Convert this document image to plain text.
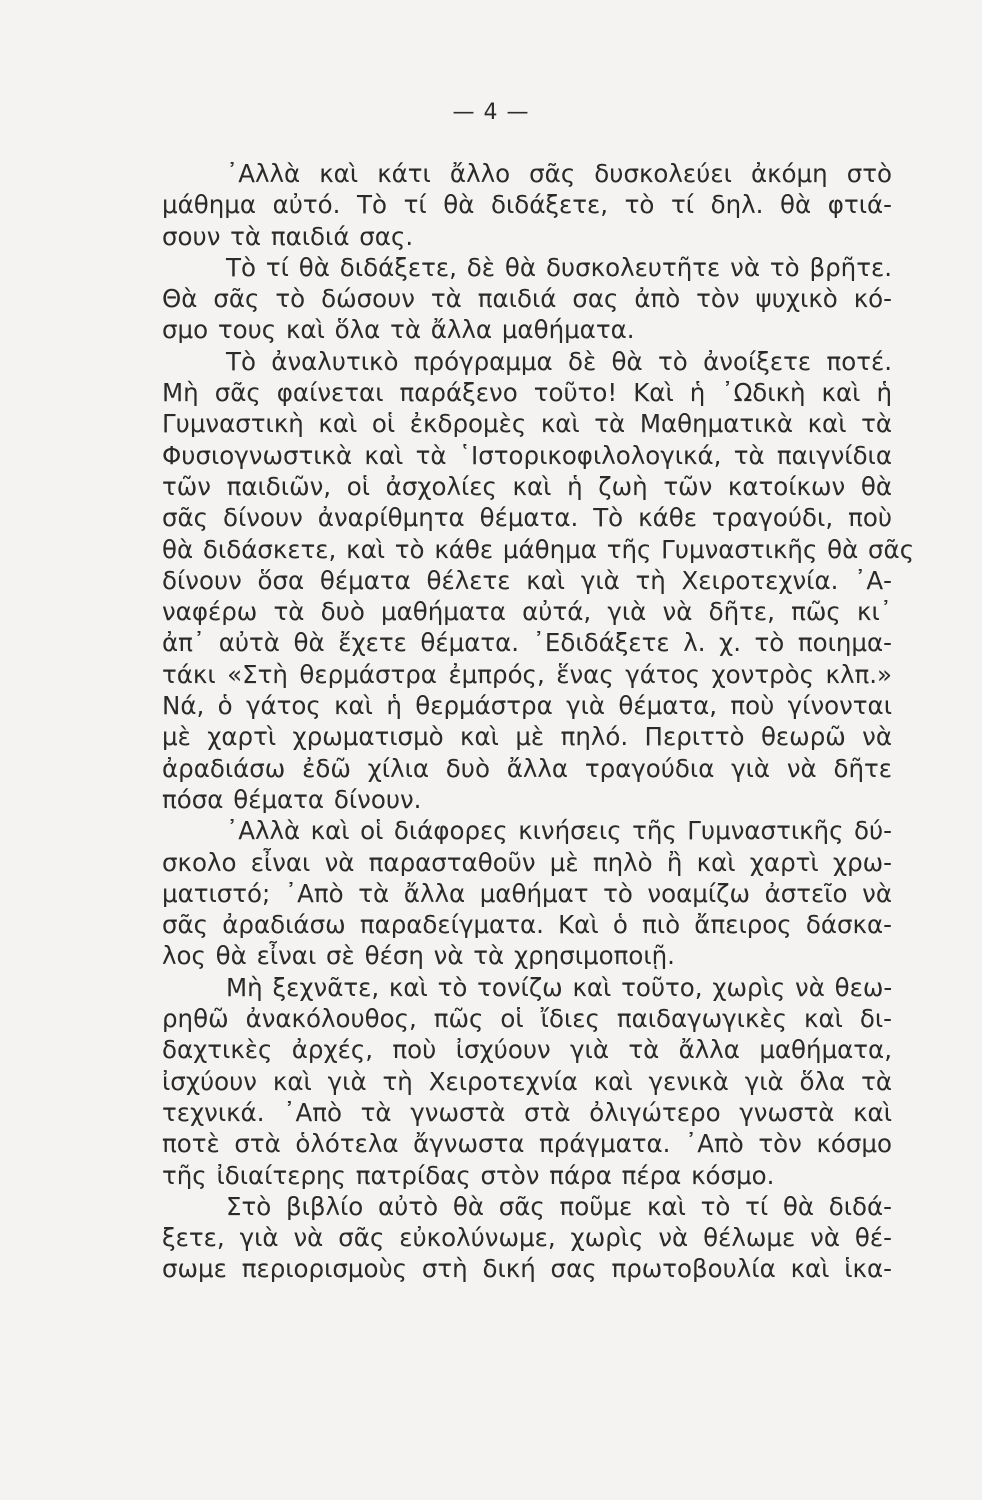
— 4 —
᾿Αλλὰ καὶ κάτι ἄλλο σᾶς δυσκολεύει ἀκόμη στὸ
μάθημα αὐτό. Τὸ τί θὰ διδάξετε, τὸ τί δηλ. θὰ φτιά-
σουν τὰ παιδιά σας.
Τὸ τί θὰ διδάξετε, δὲ θὰ δυσκολευτῆτε νὰ τὸ βρῆτε.
Θὰ σᾶς τὸ δώσουν τὰ παιδιά σας ἀπὸ τὸν ψυχικὸ κό-
σμο τους καὶ ὅλα τὰ ἄλλα μαθήματα.
Τὸ ἀναλυτικὸ πρόγραμμα δὲ θὰ τὸ ἀνοίξετε ποτέ.
Μὴ σᾶς φαίνεται παράξενο τοῦτο! Καὶ ἡ ᾿Ωδικὴ καὶ ἡ
Γυμναστικὴ καὶ οἱ ἐκδρομὲς καὶ τὰ Μαθηματικὰ καὶ τὰ
Φυσιογνωστικὰ καὶ τὰ ῾Ιστορικοφιλολογικά, τὰ παιγνίδια
τῶν παιδιῶν, οἱ ἀσχολίες καὶ ἡ ζωὴ τῶν κατοίκων θὰ
σᾶς δίνουν ἀναρίθμητα θέματα. Τὸ κάθε τραγούδι, ποὺ
θὰ διδάσκετε, καὶ τὸ κάθε μάθημα τῆς Γυμναστικῆς θὰ σᾶς
δίνουν ὅσα θέματα θέλετε καὶ γιὰ τὴ Χειροτεχνία. ᾿Α-
ναφέρω τὰ δυὸ μαθήματα αὐτά, γιὰ νὰ δῆτε, πῶς κι᾿
ἀπ᾿ αὐτὰ θὰ ἔχετε θέματα. ᾿Εδιδάξετε λ. χ. τὸ ποιημα-
τάκι «Στὴ θερμάστρα ἐμπρός, ἕνας γάτος χοντρὸς κλπ.»
Νά, ὁ γάτος καὶ ἡ θερμάστρα γιὰ θέματα, ποὺ γίνονται
μὲ χαρτὶ χρωματισμὸ καὶ μὲ πηλό. Περιττὸ θεωρῶ νὰ
ἀραδιάσω ἐδῶ χίλια δυὸ ἄλλα τραγούδια γιὰ νὰ δῆτε
πόσα θέματα δίνουν.
᾿Αλλὰ καὶ οἱ διάφορες κινήσεις τῆς Γυμναστικῆς δύ-
σκολο εἶναι νὰ παρασταθοῦν μὲ πηλὸ ἢ καὶ χαρτὶ χρω-
ματιστό; ᾿Απὸ τὰ ἄλλα μαθήματ τὸ νοαμίζω ἀστεῖο νὰ
σᾶς ἀραδιάσω παραδείγματα. Καὶ ὁ πιὸ ἄπειρος δάσκα-
λος θὰ εἶναι σὲ θέση νὰ τὰ χρησιμοποιῇ.
Μὴ ξεχνᾶτε, καὶ τὸ τονίζω καὶ τοῦτο, χωρὶς νὰ θεω-
ρηθῶ ἀνακόλουθος, πῶς οἱ ἴδιες παιδαγωγικὲς καὶ δι-
δαχτικὲς ἀρχές, ποὺ ἰσχύουν γιὰ τὰ ἄλλα μαθήματα,
ἰσχύουν καὶ γιὰ τὴ Χειροτεχνία καὶ γενικὰ γιὰ ὅλα τὰ
τεχνικά. ᾿Απὸ τὰ γνωστὰ στὰ ὀλιγώτερο γνωστὰ καὶ
ποτὲ στὰ ὁλότελα ἄγνωστα πράγματα. ᾿Απὸ τὸν κόσμο
τῆς ἰδιαίτερης πατρίδας στὸν πάρα πέρα κόσμο.
Στὸ βιβλίο αὐτὸ θὰ σᾶς ποῦμε καὶ τὸ τί θὰ διδά-
ξετε, γιὰ νὰ σᾶς εὐκολύνωμε, χωρὶς νὰ θέλωμε νὰ θέ-
σωμε περιορισμοὺς στὴ δική σας πρωτοβουλία καὶ ἱκα-
